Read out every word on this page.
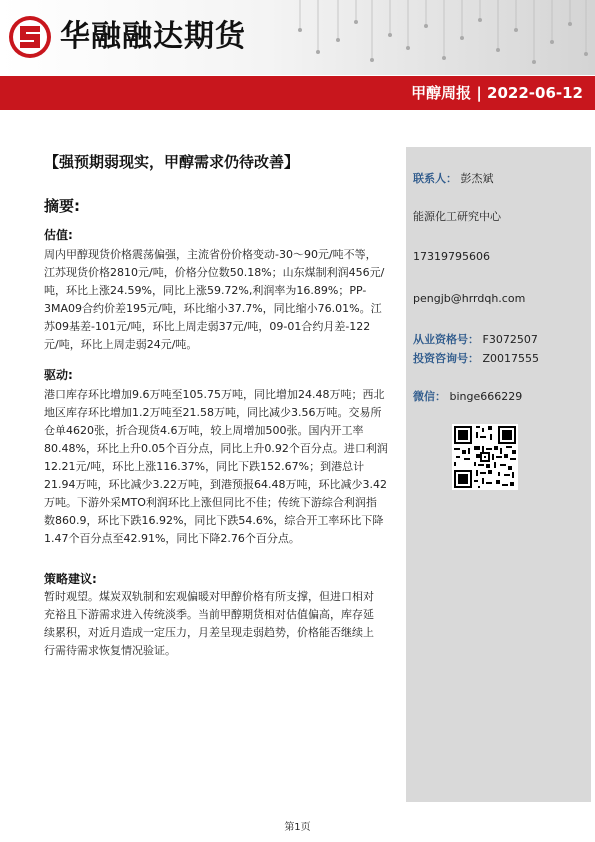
华融融达期货
甲醇周报 | 2022-06-12
【强预期弱现实，甲醇需求仍待改善】
摘要:
估值:
周内甲醇现货价格震荡偏强，主流省份价格变动-30～90元/吨不等，
江苏现货价格2810元/吨，价格分位数50.18%；山东煤制利润456元/
吨，环比上涨24.59%，同比上涨59.72%,利润率为16.89%；PP-
3MA09合约价差195元/吨，环比缩小37.7%，同比缩小76.01%。江
苏09基差-101元/吨，环比上周走弱37元/吨，09-01合约月差-122
元/吨，环比上周走弱24元/吨。
驱动:
港口库存环比增加9.6万吨至105.75万吨，同比增加24.48万吨；西北
地区库存环比增加1.2万吨至21.58万吨，同比减少3.56万吨。交易所
仓单4620张，折合现货4.6万吨，较上周增加500张。国内开工率
80.48%，环比上升0.05个百分点，同比上升0.92个百分点。进口利润
12.21元/吨，环比上涨116.37%，同比下跌152.67%；到港总计
21.94万吨，环比减少3.22万吨，到港预报64.48万吨，环比减少3.42
万吨。下游外采MTO利润环比上涨但同比不佳；传统下游综合利润指
数860.9，环比下跌16.92%，同比下跌54.6%，综合开工率环比下降
1.47个百分点至42.91%，同比下降2.76个百分点。
策略建议:
暂时观望。煤炭双轨制和宏观偏暖对甲醇价格有所支撑，但进口相对
充裕且下游需求进入传统淡季。当前甲醇期货相对估值偏高，库存延
续累积，对近月造成一定压力，月差呈现走弱趋势，价格能否继续上
行需待需求恢复情况验证。
联系人： 彭杰斌
能源化工研究中心
17319795606
pengjb@hrrdqh.com
从业资格号： F3072507
投资咨询号： Z0017555
微信： binge666229
第1页
